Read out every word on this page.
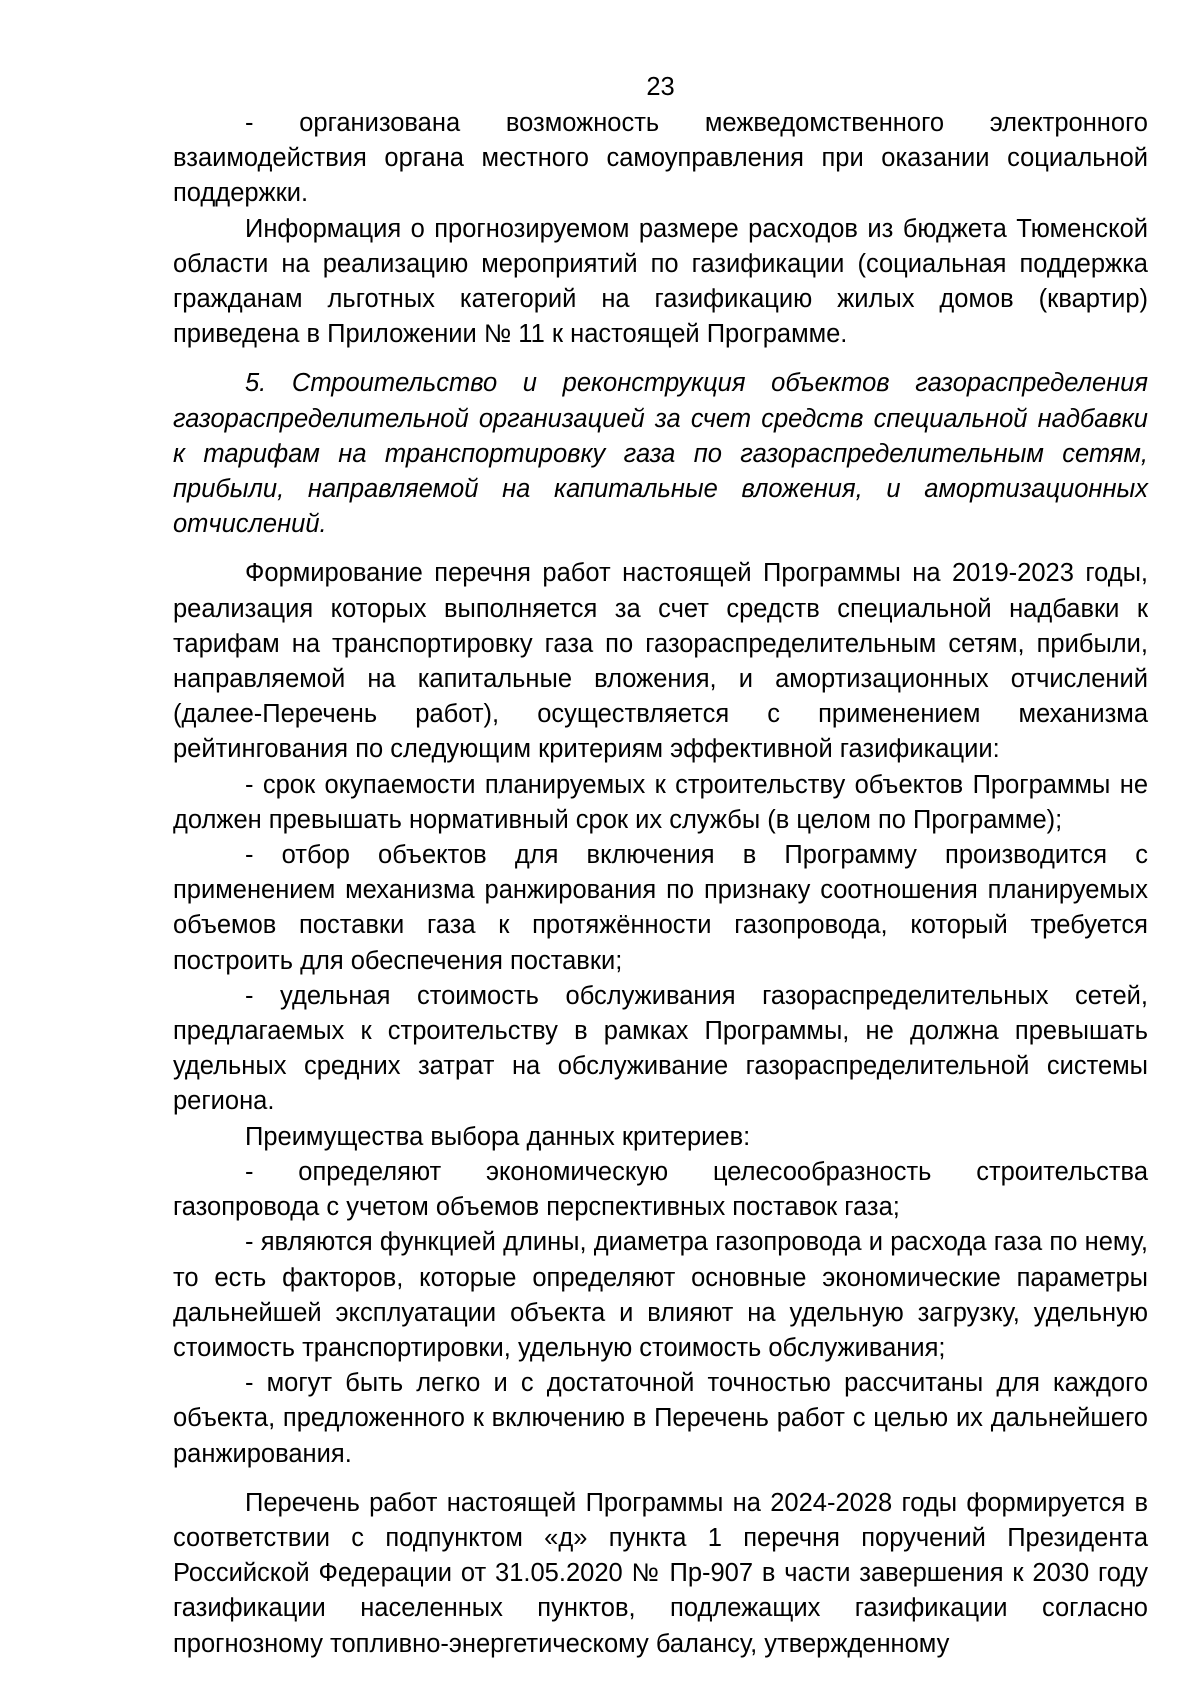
23

- организована возможность межведомственного электронного взаимодействия органа местного самоуправления при оказании социальной поддержки.

Информация о прогнозируемом размере расходов из бюджета Тюменской области на реализацию мероприятий по газификации (социальная поддержка гражданам льготных категорий на газификацию жилых домов (квартир) приведена в Приложении № 11 к настоящей Программе.

5. Строительство и реконструкция объектов газораспределения газораспределительной организацией за счет средств специальной надбавки к тарифам на транспортировку газа по газораспределительным сетям, прибыли, направляемой на капитальные вложения, и амортизационных отчислений.

Формирование перечня работ настоящей Программы на 2019-2023 годы, реализация которых выполняется за счет средств специальной надбавки к тарифам на транспортировку газа по газораспределительным сетям, прибыли, направляемой на капитальные вложения, и амортизационных отчислений (далее-Перечень работ), осуществляется с применением механизма рейтингования по следующим критериям эффективной газификации:

- срок окупаемости планируемых к строительству объектов Программы не должен превышать нормативный срок их службы (в целом по Программе);

- отбор объектов для включения в Программу производится с применением механизма ранжирования по признаку соотношения планируемых объемов поставки газа к протяжённости газопровода, который требуется построить для обеспечения поставки;

- удельная стоимость обслуживания газораспределительных сетей, предлагаемых к строительству в рамках Программы, не должна превышать удельных средних затрат на обслуживание газораспределительной системы региона.

Преимущества выбора данных критериев:

- определяют экономическую целесообразность строительства газопровода с учетом объемов перспективных поставок газа;

- являются функцией длины, диаметра газопровода и расхода газа по нему, то есть факторов, которые определяют основные экономические параметры дальнейшей эксплуатации объекта и влияют на удельную загрузку, удельную стоимость транспортировки, удельную стоимость обслуживания;

- могут быть легко и с достаточной точностью рассчитаны для каждого объекта, предложенного к включению в Перечень работ с целью их дальнейшего ранжирования.

Перечень работ настоящей Программы на 2024-2028 годы формируется в соответствии с подпунктом «д» пункта 1 перечня поручений Президента Российской Федерации от 31.05.2020 № Пр-907 в части завершения к 2030 году газификации населенных пунктов, подлежащих газификации согласно прогнозному топливно-энергетическому балансу, утвержденному
